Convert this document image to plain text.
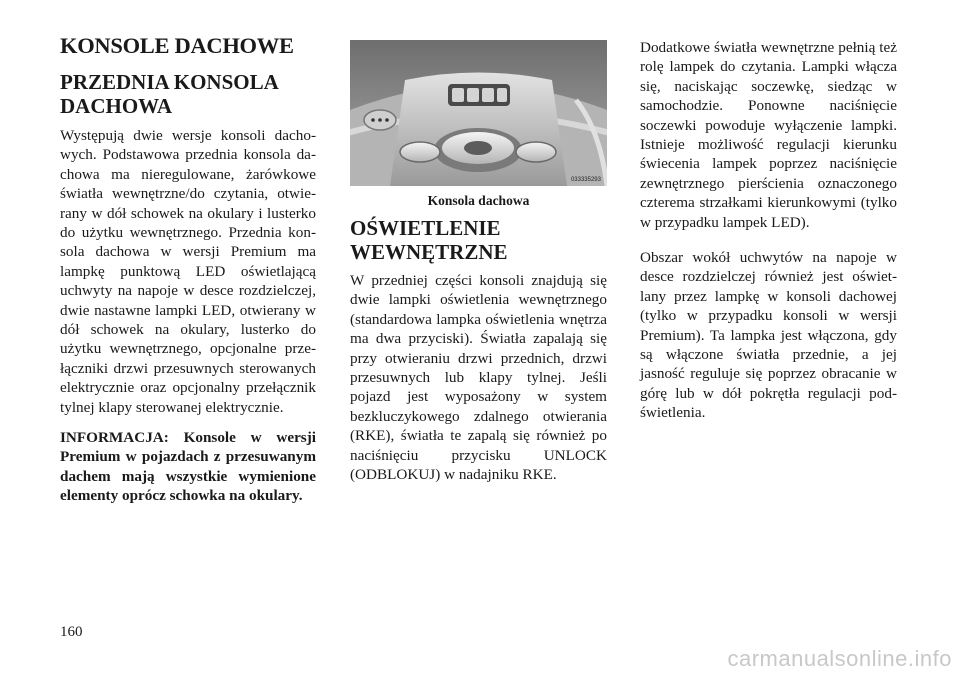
KONSOLE DACHOWE
PRZEDNIA KONSOLA DACHOWA

Występują dwie wersje konsoli dachowych. Podstawowa przednia konsola dachowa ma nieregulowane, żarówkowe światła wewnętrzne/do czytania, otwierany w dół schowek na okulary i lusterko do użytku wewnętrznego. Przednia konsola dachowa w wersji Premium ma lampkę punktową LED oświetlającą uchwyty na napoje w desce rozdzielczej, dwie nastawne lampki LED, otwierany w dół schowek na okulary, lusterko do użytku wewnętrznego, opcjonalne przełączniki drzwi przesuwnych sterowanych elektrycznie oraz opcjonalny przełącznik tylnej klapy sterowanej elektrycznie.

INFORMACJA: Konsole w wersji Premium w pojazdach z przesuwanym dachem mają wszystkie wymienione elementy oprócz schowka na okulary.

033335293
Konsola dachowa
OŚWIETLENIE WEWNĘTRZNE

W przedniej części konsoli znajdują się dwie lampki oświetlenia wewnętrznego (standardowa lampka oświetlenia wnętrza ma dwa przyciski). Światła zapalają się przy otwieraniu drzwi przednich, drzwi przesuwnych lub klapy tylnej. Jeśli pojazd jest wyposażony w system bezkluczykowego zdalnego otwierania (RKE), światła te zapalą się również po naciśnięciu przycisku UNLOCK (ODBLOKUJ) w nadajniku RKE.

Dodatkowe światła wewnętrzne pełnią też rolę lampek do czytania. Lampki włącza się, naciskając soczewkę, siedząc w samochodzie. Ponowne naciśnięcie soczewki powoduje wyłączenie lampki. Istnieje możliwość regulacji kierunku świecenia lampek poprzez naciśnięcie zewnętrznego pierścienia oznaczonego czterema strzałkami kierunkowymi (tylko w przypadku lampek LED).

Obszar wokół uchwytów na napoje w desce rozdzielczej również jest oświetlany przez lampkę w konsoli dachowej (tylko w przypadku konsoli w wersji Premium). Ta lampka jest włączona, gdy są włączone światła przednie, a jej jasność reguluje się poprzez obracanie w górę lub w dół pokrętła regulacji podświetlenia.

160
carmanualsonline.info
